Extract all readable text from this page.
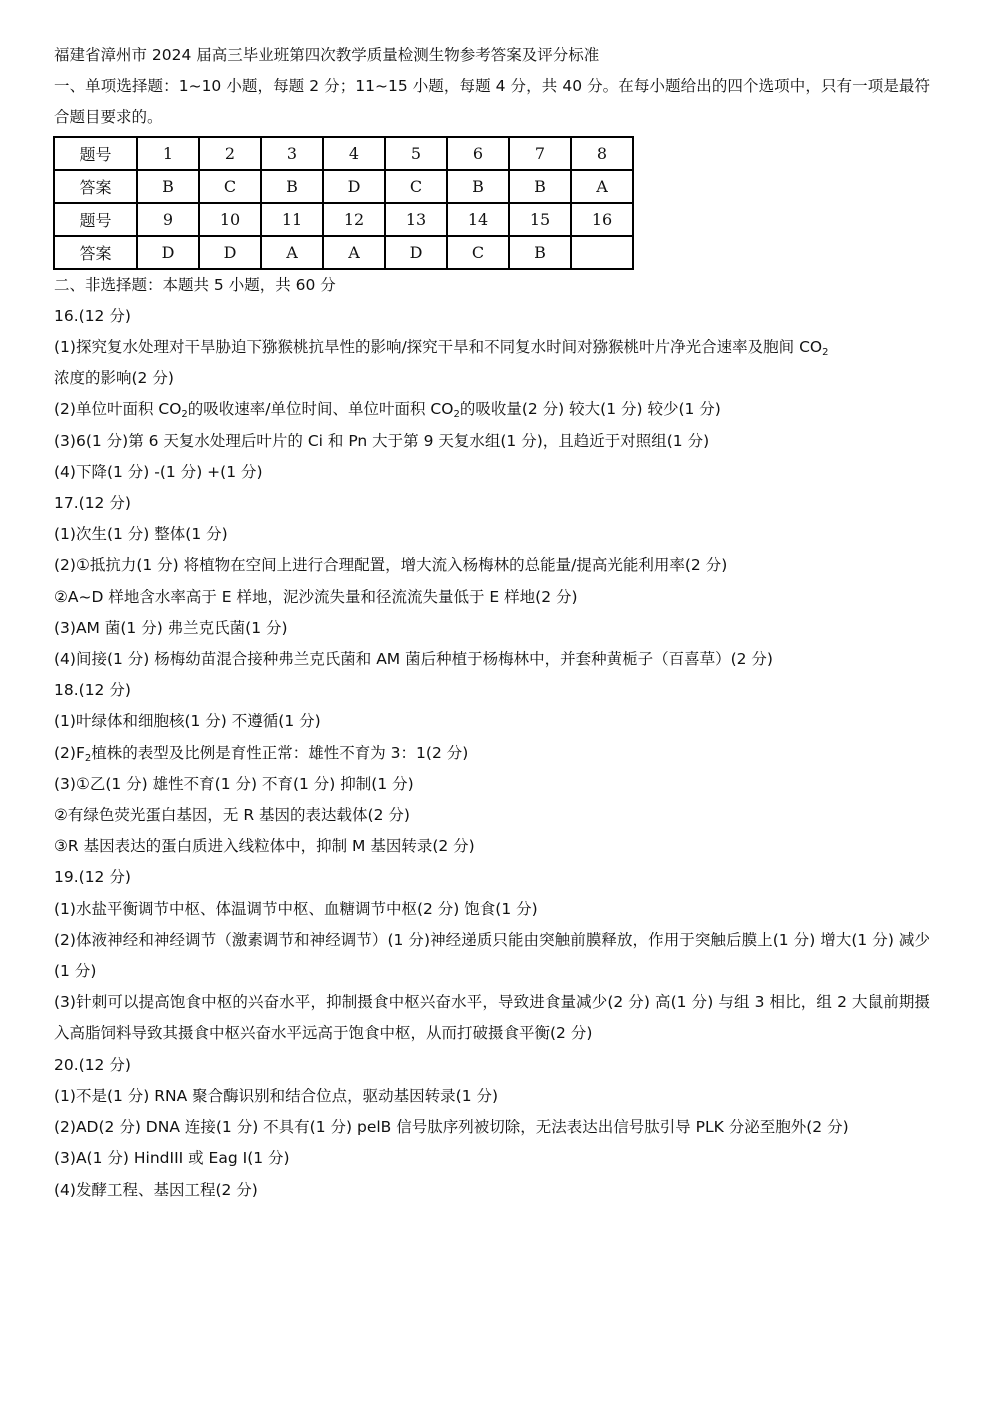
福建省漳州市 2024 届高三毕业班第四次教学质量检测生物参考答案及评分标准
一、单项选择题：1~10 小题，每题 2 分；11~15 小题，每题 4 分，共 40 分。在每小题给出的四个选项中，只有一项是最符合题目要求的。
题号	1	2	3	4	5	6	7	8
答案	B	C	B	D	C	B	B	A
题号	9	10	11	12	13	14	15	16
答案	D	D	A	A	D	C	B	
二、非选择题：本题共 5 小题，共 60 分
16.(12 分)
(1)探究复水处理对干旱胁迫下猕猴桃抗旱性的影响/探究干旱和不同复水时间对猕猴桃叶片净光合速率及胞间 $CO_2$
浓度的影响(2 分)
(2)单位叶面积 $CO_2$的吸收速率/单位时间、单位叶面积 $CO_2$的吸收量(2 分) 较大(1 分) 较少(1 分)
(3)6(1 分)第 6 天复水处理后叶片的 Ci 和 Pn 大于第 9 天复水组(1 分)，且趋近于对照组(1 分)
(4)下降(1 分) -(1 分) +(1 分)
17.(12 分)
(1)次生(1 分) 整体(1 分)
(2)①抵抗力(1 分) 将植物在空间上进行合理配置，增大流入杨梅林的总能量/提高光能利用率(2 分)
②A~D 样地含水率高于 E 样地，泥沙流失量和径流流失量低于 E 样地(2 分)
(3)AM 菌(1 分) 弗兰克氏菌(1 分)
(4)间接(1 分) 杨梅幼苗混合接种弗兰克氏菌和 AM 菌后种植于杨梅林中，并套种黄栀子（百喜草）(2 分)
18.(12 分)
(1)叶绿体和细胞核(1 分) 不遵循(1 分)
$(2)F_2$植株的表型及比例是育性正常：雄性不育为 3：1(2 分)
(3)①乙(1 分) 雄性不育(1 分) 不育(1 分) 抑制(1 分)
②有绿色荧光蛋白基因，无 R 基因的表达载体(2 分)
③R 基因表达的蛋白质进入线粒体中，抑制 M 基因转录(2 分)
19.(12 分)
(1)水盐平衡调节中枢、体温调节中枢、血糖调节中枢(2 分) 饱食(1 分)
(2)体液神经和神经调节（激素调节和神经调节）(1 分)神经递质只能由突触前膜释放，作用于突触后膜上(1 分) 增大(1 分) 减少(1 分)
(3)针刺可以提高饱食中枢的兴奋水平，抑制摄食中枢兴奋水平，导致进食量减少(2 分) 高(1 分) 与组 3 相比，组 2 大鼠前期摄入高脂饲料导致其摄食中枢兴奋水平远高于饱食中枢，从而打破摄食平衡(2 分)
20.(12 分)
(1)不是(1 分) RNA 聚合酶识别和结合位点，驱动基因转录(1 分)
(2)AD(2 分) DNA 连接(1 分) 不具有(1 分) pelB 信号肽序列被切除，无法表达出信号肽引导 PLK 分泌至胞外(2 分)
(3)A(1 分) HindIII 或 Eag I(1 分)
(4)发酵工程、基因工程(2 分)
